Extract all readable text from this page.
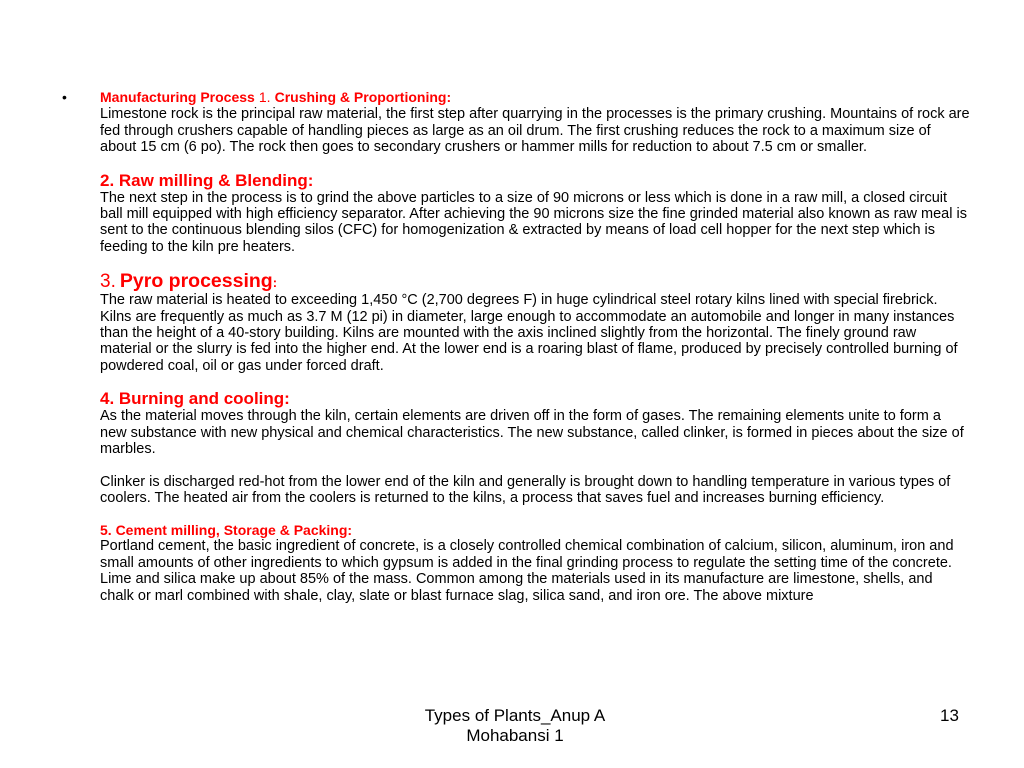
• Manufacturing Process 1. Crushing & Proportioning:

Limestone rock is the principal raw material, the first step after quarrying in the processes is the primary crushing. Mountains of rock are fed through crushers capable of handling pieces as large as an oil drum. The first crushing reduces the rock to a maximum size of about 15 cm (6 po). The rock then goes to secondary crushers or hammer mills for reduction to about 7.5 cm or smaller.

2. Raw milling & Blending:

The next step in the process is to grind the above particles to a size of 90 microns or less which is done in a raw mill, a closed circuit ball mill equipped with high efficiency separator. After achieving the 90 microns size the fine grinded material also known as raw meal is sent to the continuous blending silos (CFC) for homogenization & extracted by means of load cell hopper for the next step which is feeding to the kiln pre heaters.

3. Pyro processing:

The raw material is heated to exceeding 1,450 °C (2,700 degrees F) in huge cylindrical steel rotary kilns lined with special firebrick. Kilns are frequently as much as 3.7 M (12 pi) in diameter, large enough to accommodate an automobile and longer in many instances than the height of a 40-story building. Kilns are mounted with the axis inclined slightly from the horizontal. The finely ground raw material or the slurry is fed into the higher end. At the lower end is a roaring blast of flame, produced by precisely controlled burning of powdered coal, oil or gas under forced draft.

4. Burning and cooling:

As the material moves through the kiln, certain elements are driven off in the form of gases. The remaining elements unite to form a new substance with new physical and chemical characteristics. The new substance, called clinker, is formed in pieces about the size of marbles.

Clinker is discharged red-hot from the lower end of the kiln and generally is brought down to handling temperature in various types of coolers. The heated air from the coolers is returned to the kilns, a process that saves fuel and increases burning efficiency.

5. Cement milling, Storage & Packing:

Portland cement, the basic ingredient of concrete, is a closely controlled chemical combination of calcium, silicon, aluminum, iron and small amounts of other ingredients to which gypsum is added in the final grinding process to regulate the setting time of the concrete. Lime and silica make up about 85% of the mass. Common among the materials used in its manufacture are limestone, shells, and chalk or marl combined with shale, clay, slate or blast furnace slag, silica sand, and iron ore. The above mixture

Types of Plants_Anup A Mohabansi 1
13
